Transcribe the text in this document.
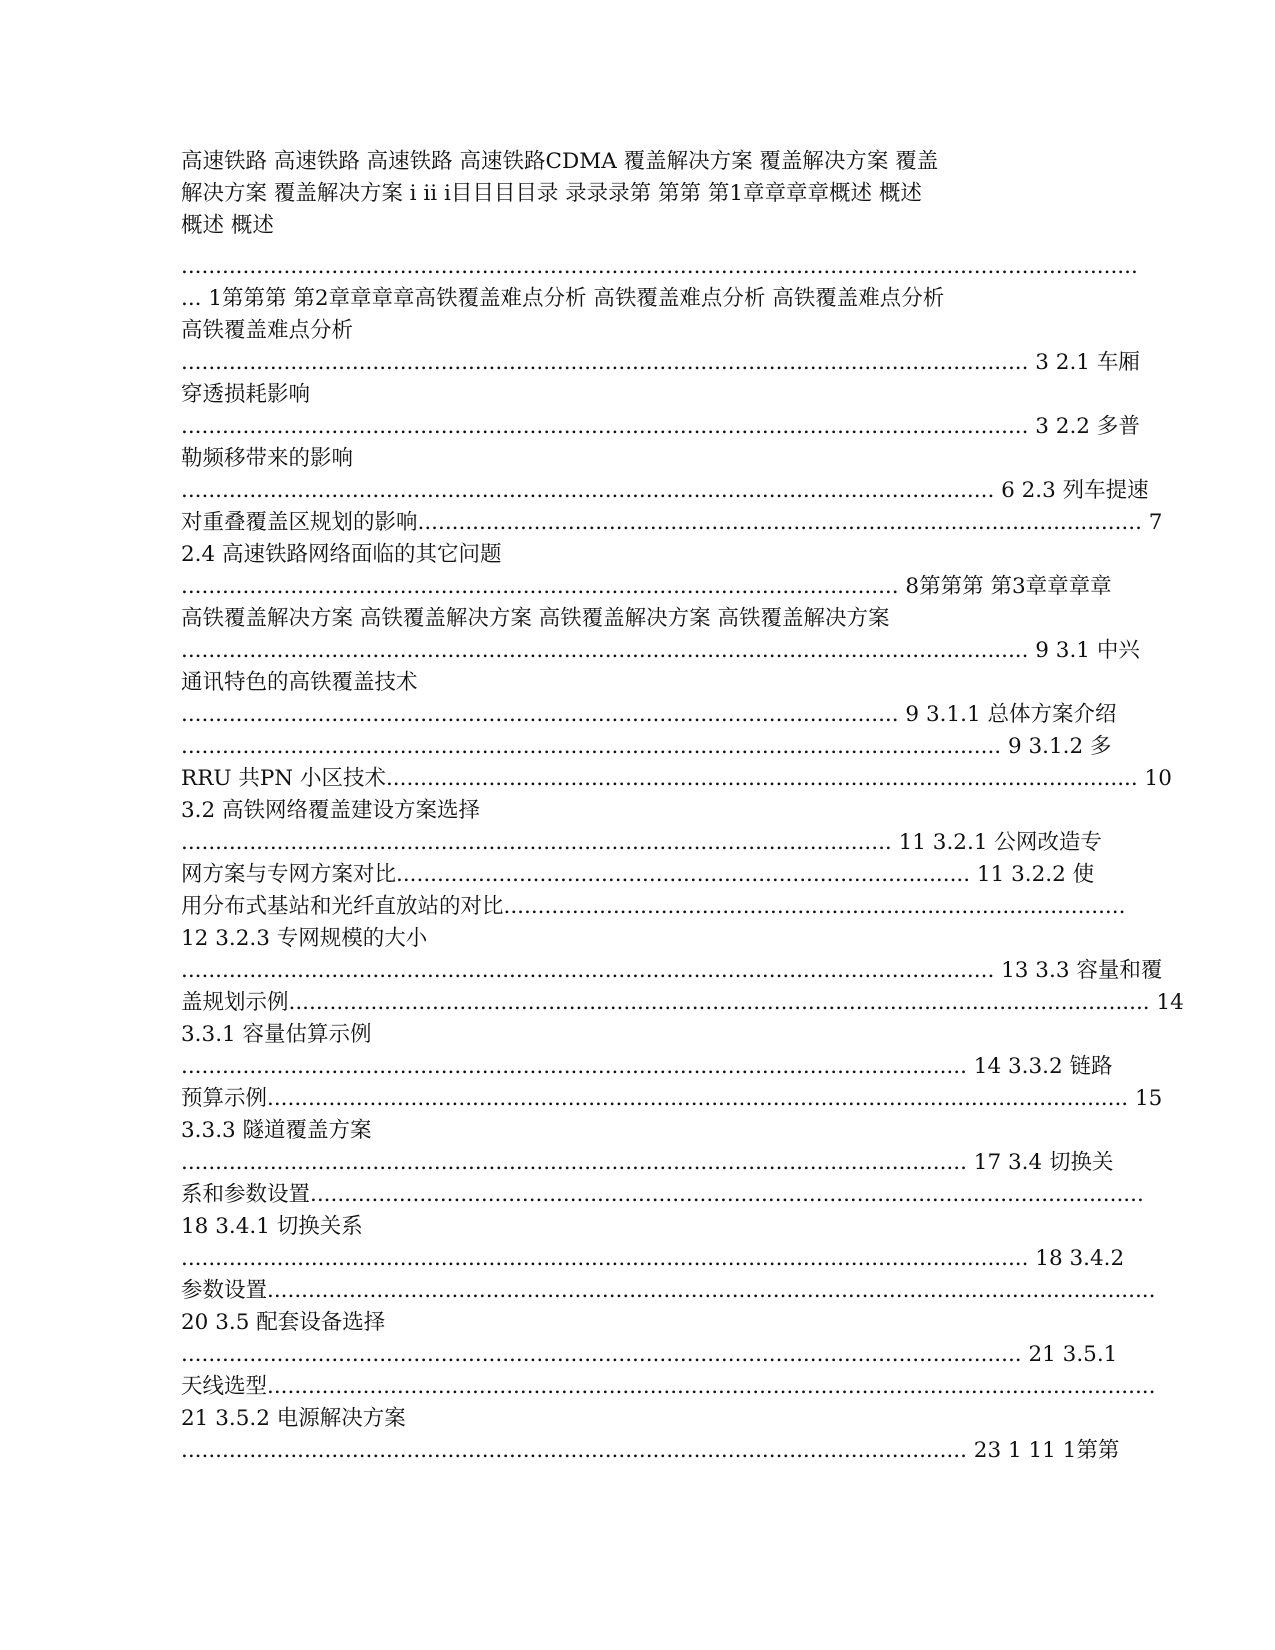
高速铁路 高速铁路 高速铁路 高速铁路CDMA 覆盖解决方案 覆盖解决方案 覆盖
解决方案 覆盖解决方案 i ii i目目目目录 录录录第 第第 第1章章章章概述 概述
概述 概述
............................................................................................................................................
... 1第第第 第2章章章章高铁覆盖难点分析 高铁覆盖难点分析 高铁覆盖难点分析
高铁覆盖难点分析
............................................................................................................................ 3 2.1 车厢
穿透损耗影响
............................................................................................................................ 3 2.2 多普
勒频移带来的影响
....................................................................................................................... 6 2.3 列车提速
对重叠覆盖区规划的影响.......................................................................................................... 7
2.4 高速铁路网络面临的其它问题
......................................................................................................... 8第第第 第3章章章章
高铁覆盖解决方案 高铁覆盖解决方案 高铁覆盖解决方案 高铁覆盖解决方案
............................................................................................................................ 9 3.1 中兴
通讯特色的高铁覆盖技术
......................................................................................................... 9 3.1.1 总体方案介绍
........................................................................................................................ 9 3.1.2 多
RRU 共PN 小区技术.............................................................................................................. 10
3.2 高铁网络覆盖建设方案选择
........................................................................................................ 11 3.2.1 公网改造专
网方案与专网方案对比.................................................................................... 11 3.2.2 使
用分布式基站和光纤直放站的对比...........................................................................................
12 3.2.3 专网规模的大小
....................................................................................................................... 13 3.3 容量和覆
盖规划示例.............................................................................................................................. 14
3.3.1 容量估算示例
................................................................................................................... 14 3.3.2 链路
预算示例.............................................................................................................................. 15
3.3.3 隧道覆盖方案
................................................................................................................... 17 3.4 切换关
系和参数设置..........................................................................................................................
18 3.4.1 切换关系
............................................................................................................................ 18 3.4.2
参数设置..................................................................................................................................
20 3.5 配套设备选择
........................................................................................................................... 21 3.5.1
天线选型..................................................................................................................................
21 3.5.2 电源解决方案
................................................................................................................... 23 1 11 1第第
